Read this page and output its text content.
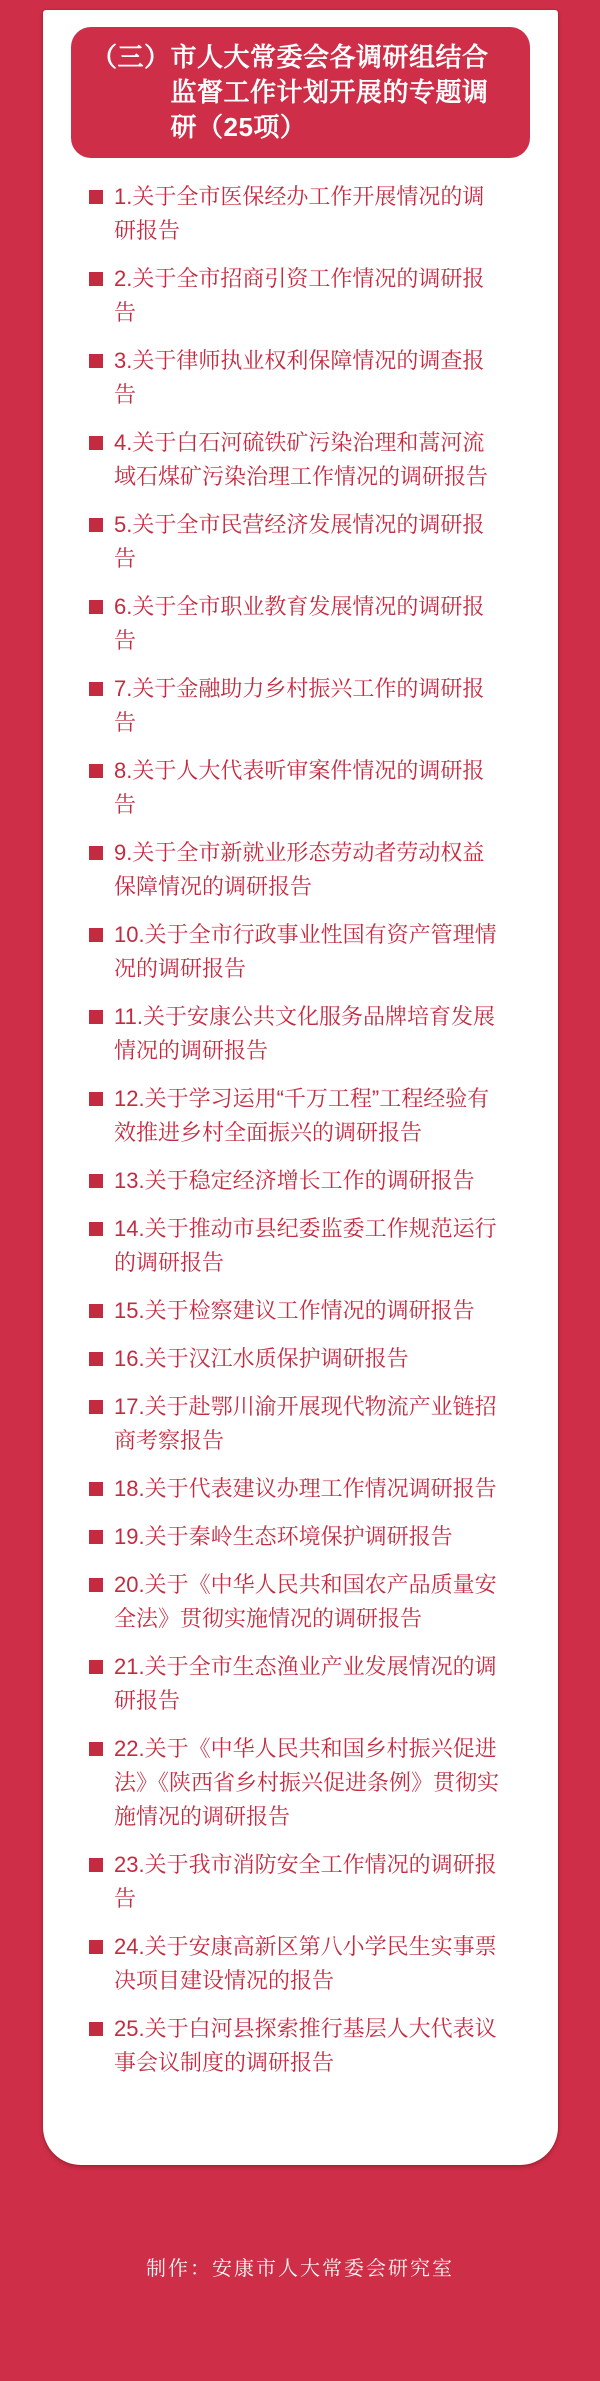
（三） 市人大常委会各调研组结合监督工作计划开展的专题调研（25项）
1.关于全市医保经办工作开展情况的调研报告
2.关于全市招商引资工作情况的调研报告
3.关于律师执业权利保障情况的调查报告
4.关于白石河硫铁矿污染治理和蒿河流域石煤矿污染治理工作情况的调研报告
5.关于全市民营经济发展情况的调研报告
6.关于全市职业教育发展情况的调研报告
7.关于金融助力乡村振兴工作的调研报告
8.关于人大代表听审案件情况的调研报告
9.关于全市新就业形态劳动者劳动权益保障情况的调研报告
10.关于全市行政事业性国有资产管理情况的调研报告
11.关于安康公共文化服务品牌培育发展情况的调研报告
12.关于学习运用“千万工程”工程经验有效推进乡村全面振兴的调研报告
13.关于稳定经济增长工作的调研报告
14.关于推动市县纪委监委工作规范运行的调研报告
15.关于检察建议工作情况的调研报告
16.关于汉江水质保护调研报告
17.关于赴鄂川渝开展现代物流产业链招商考察报告
18.关于代表建议办理工作情况调研报告
19.关于秦岭生态环境保护调研报告
20.关于《中华人民共和国农产品质量安全法》贯彻实施情况的调研报告
21.关于全市生态渔业产业发展情况的调研报告
22.关于《中华人民共和国乡村振兴促进法》《陕西省乡村振兴促进条例》贯彻实施情况的调研报告
23.关于我市消防安全工作情况的调研报告
24.关于安康高新区第八小学民生实事票决项目建设情况的报告
25.关于白河县探索推行基层人大代表议事会议制度的调研报告
制作：安康市人大常委会研究室
